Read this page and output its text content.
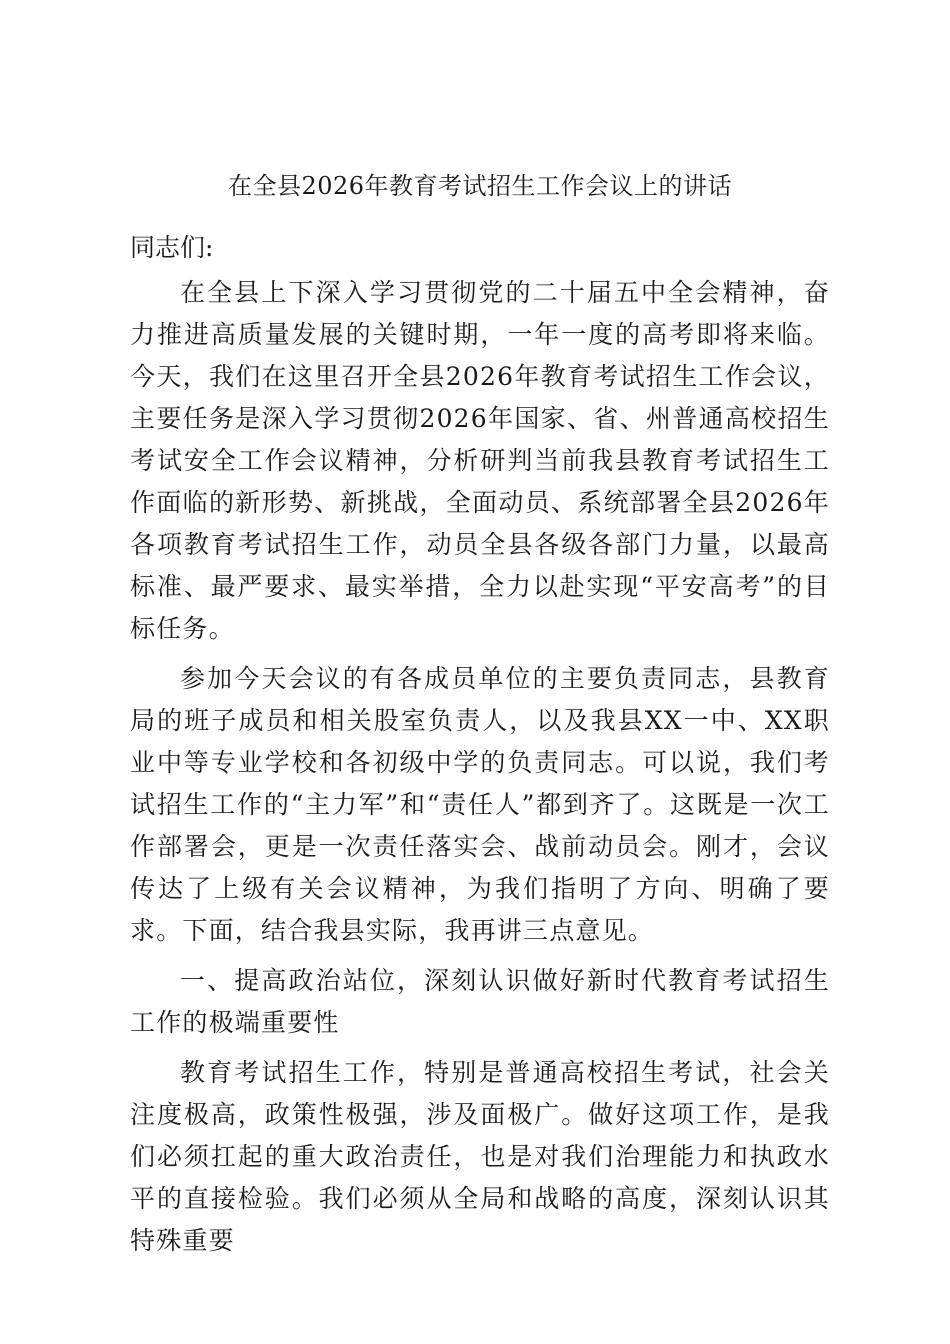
在全县2026年教育考试招生工作会议上的讲话

同志们:

在全县上下深入学习贯彻党的二十届五中全会精神，奋力推进高质量发展的关键时期，一年一度的高考即将来临。今天，我们在这里召开全县2026年教育考试招生工作会议，主要任务是深入学习贯彻2026年国家、省、州普通高校招生考试安全工作会议精神，分析研判当前我县教育考试招生工作面临的新形势、新挑战，全面动员、系统部署全县2026年各项教育考试招生工作，动员全县各级各部门力量，以最高标准、最严要求、最实举措，全力以赴实现“平安高考”的目标任务。

参加今天会议的有各成员单位的主要负责同志，县教育局的班子成员和相关股室负责人，以及我县XX一中、XX职业中等专业学校和各初级中学的负责同志。可以说，我们考试招生工作的“主力军”和“责任人”都到齐了。这既是一次工作部署会，更是一次责任落实会、战前动员会。刚才，会议传达了上级有关会议精神，为我们指明了方向、明确了要求。下面，结合我县实际，我再讲三点意见。

一、提高政治站位，深刻认识做好新时代教育考试招生工作的极端重要性

教育考试招生工作，特别是普通高校招生考试，社会关注度极高，政策性极强，涉及面极广。做好这项工作，是我们必须扛起的重大政治责任，也是对我们治理能力和执政水平的直接检验。我们必须从全局和战略的高度，深刻认识其特殊重要
